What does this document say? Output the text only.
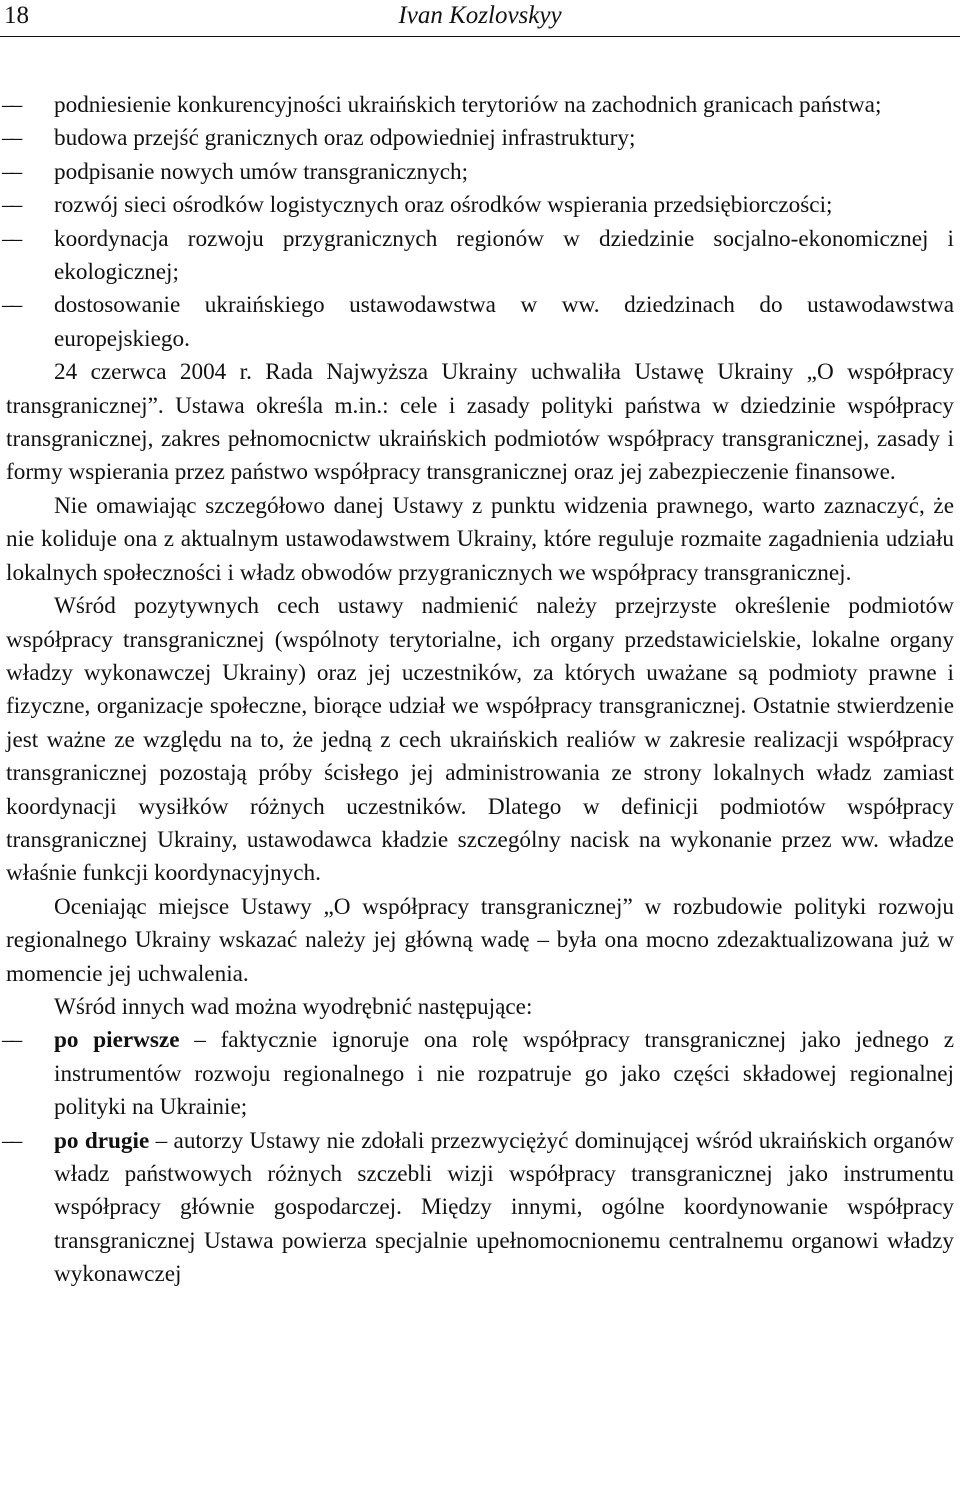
18	Ivan Kozlovskyy
––
podniesienie konkurencyjności ukraińskich terytoriów na zachodnich granicach państwa;
––
budowa przejść granicznych oraz odpowiedniej infrastruktury;
––
podpisanie nowych umów transgranicznych;
––
rozwój sieci ośrodków logistycznych oraz ośrodków wspierania przedsiębiorczości;
––
koordynacja rozwoju przygranicznych regionów w dziedzinie socjalno-ekonomicznej i ekologicznej;
––
dostosowanie ukraińskiego ustawodawstwa w ww. dziedzinach do ustawodawstwa europejskiego.

24 czerwca 2004 r. Rada Najwyższa Ukrainy uchwaliła Ustawę Ukrainy „O współpracy transgranicznej”. Ustawa określa m.in.: cele i zasady polityki państwa w dziedzinie współpracy transgranicznej, zakres pełnomocnictw ukraińskich podmiotów współpracy transgranicznej, zasady i formy wspierania przez państwo współpracy transgranicznej oraz jej zabezpieczenie finansowe.

Nie omawiając szczegółowo danej Ustawy z punktu widzenia prawnego, warto zaznaczyć, że nie koliduje ona z aktualnym ustawodawstwem Ukrainy, które reguluje rozmaite zagadnienia udziału lokalnych społeczności i władz obwodów przygranicznych we współpracy transgranicznej.

Wśród pozytywnych cech ustawy nadmienić należy przejrzyste określenie podmiotów współpracy transgranicznej (wspólnoty terytorialne, ich organy przedstawicielskie, lokalne organy władzy wykonawczej Ukrainy) oraz jej uczestników, za których uważane są podmioty prawne i fizyczne, organizacje społeczne, biorące udział we współpracy transgranicznej. Ostatnie stwierdzenie jest ważne ze względu na to, że jedną z cech ukraińskich realiów w zakresie realizacji współpracy transgranicznej pozostają próby ścisłego jej administrowania ze strony lokalnych władz zamiast koordynacji wysiłków różnych uczestników. Dlatego w definicji podmiotów współpracy transgranicznej Ukrainy, ustawodawca kładzie szczególny nacisk na wykonanie przez ww. władze właśnie funkcji koordynacyjnych.

Oceniając miejsce Ustawy „O współpracy transgranicznej” w rozbudowie polityki rozwoju regionalnego Ukrainy wskazać należy jej główną wadę – była ona mocno zdezaktualizowana już w momencie jej uchwalenia.

Wśród innych wad można wyodrębnić następujące:

––
po pierwsze – faktycznie ignoruje ona rolę współpracy transgranicznej jako jednego z instrumentów rozwoju regionalnego i nie rozpatruje go jako części składowej regionalnej polityki na Ukrainie;
––
po drugie – autorzy Ustawy nie zdołali przezwyciężyć dominującej wśród ukraińskich organów władz państwowych różnych szczebli wizji współpracy transgranicznej jako instrumentu współpracy głównie gospodarczej. Między innymi, ogólne koordynowanie współpracy transgranicznej Ustawa powierza specjalnie upełnomocnionemu centralnemu organowi władzy wykonawczej
